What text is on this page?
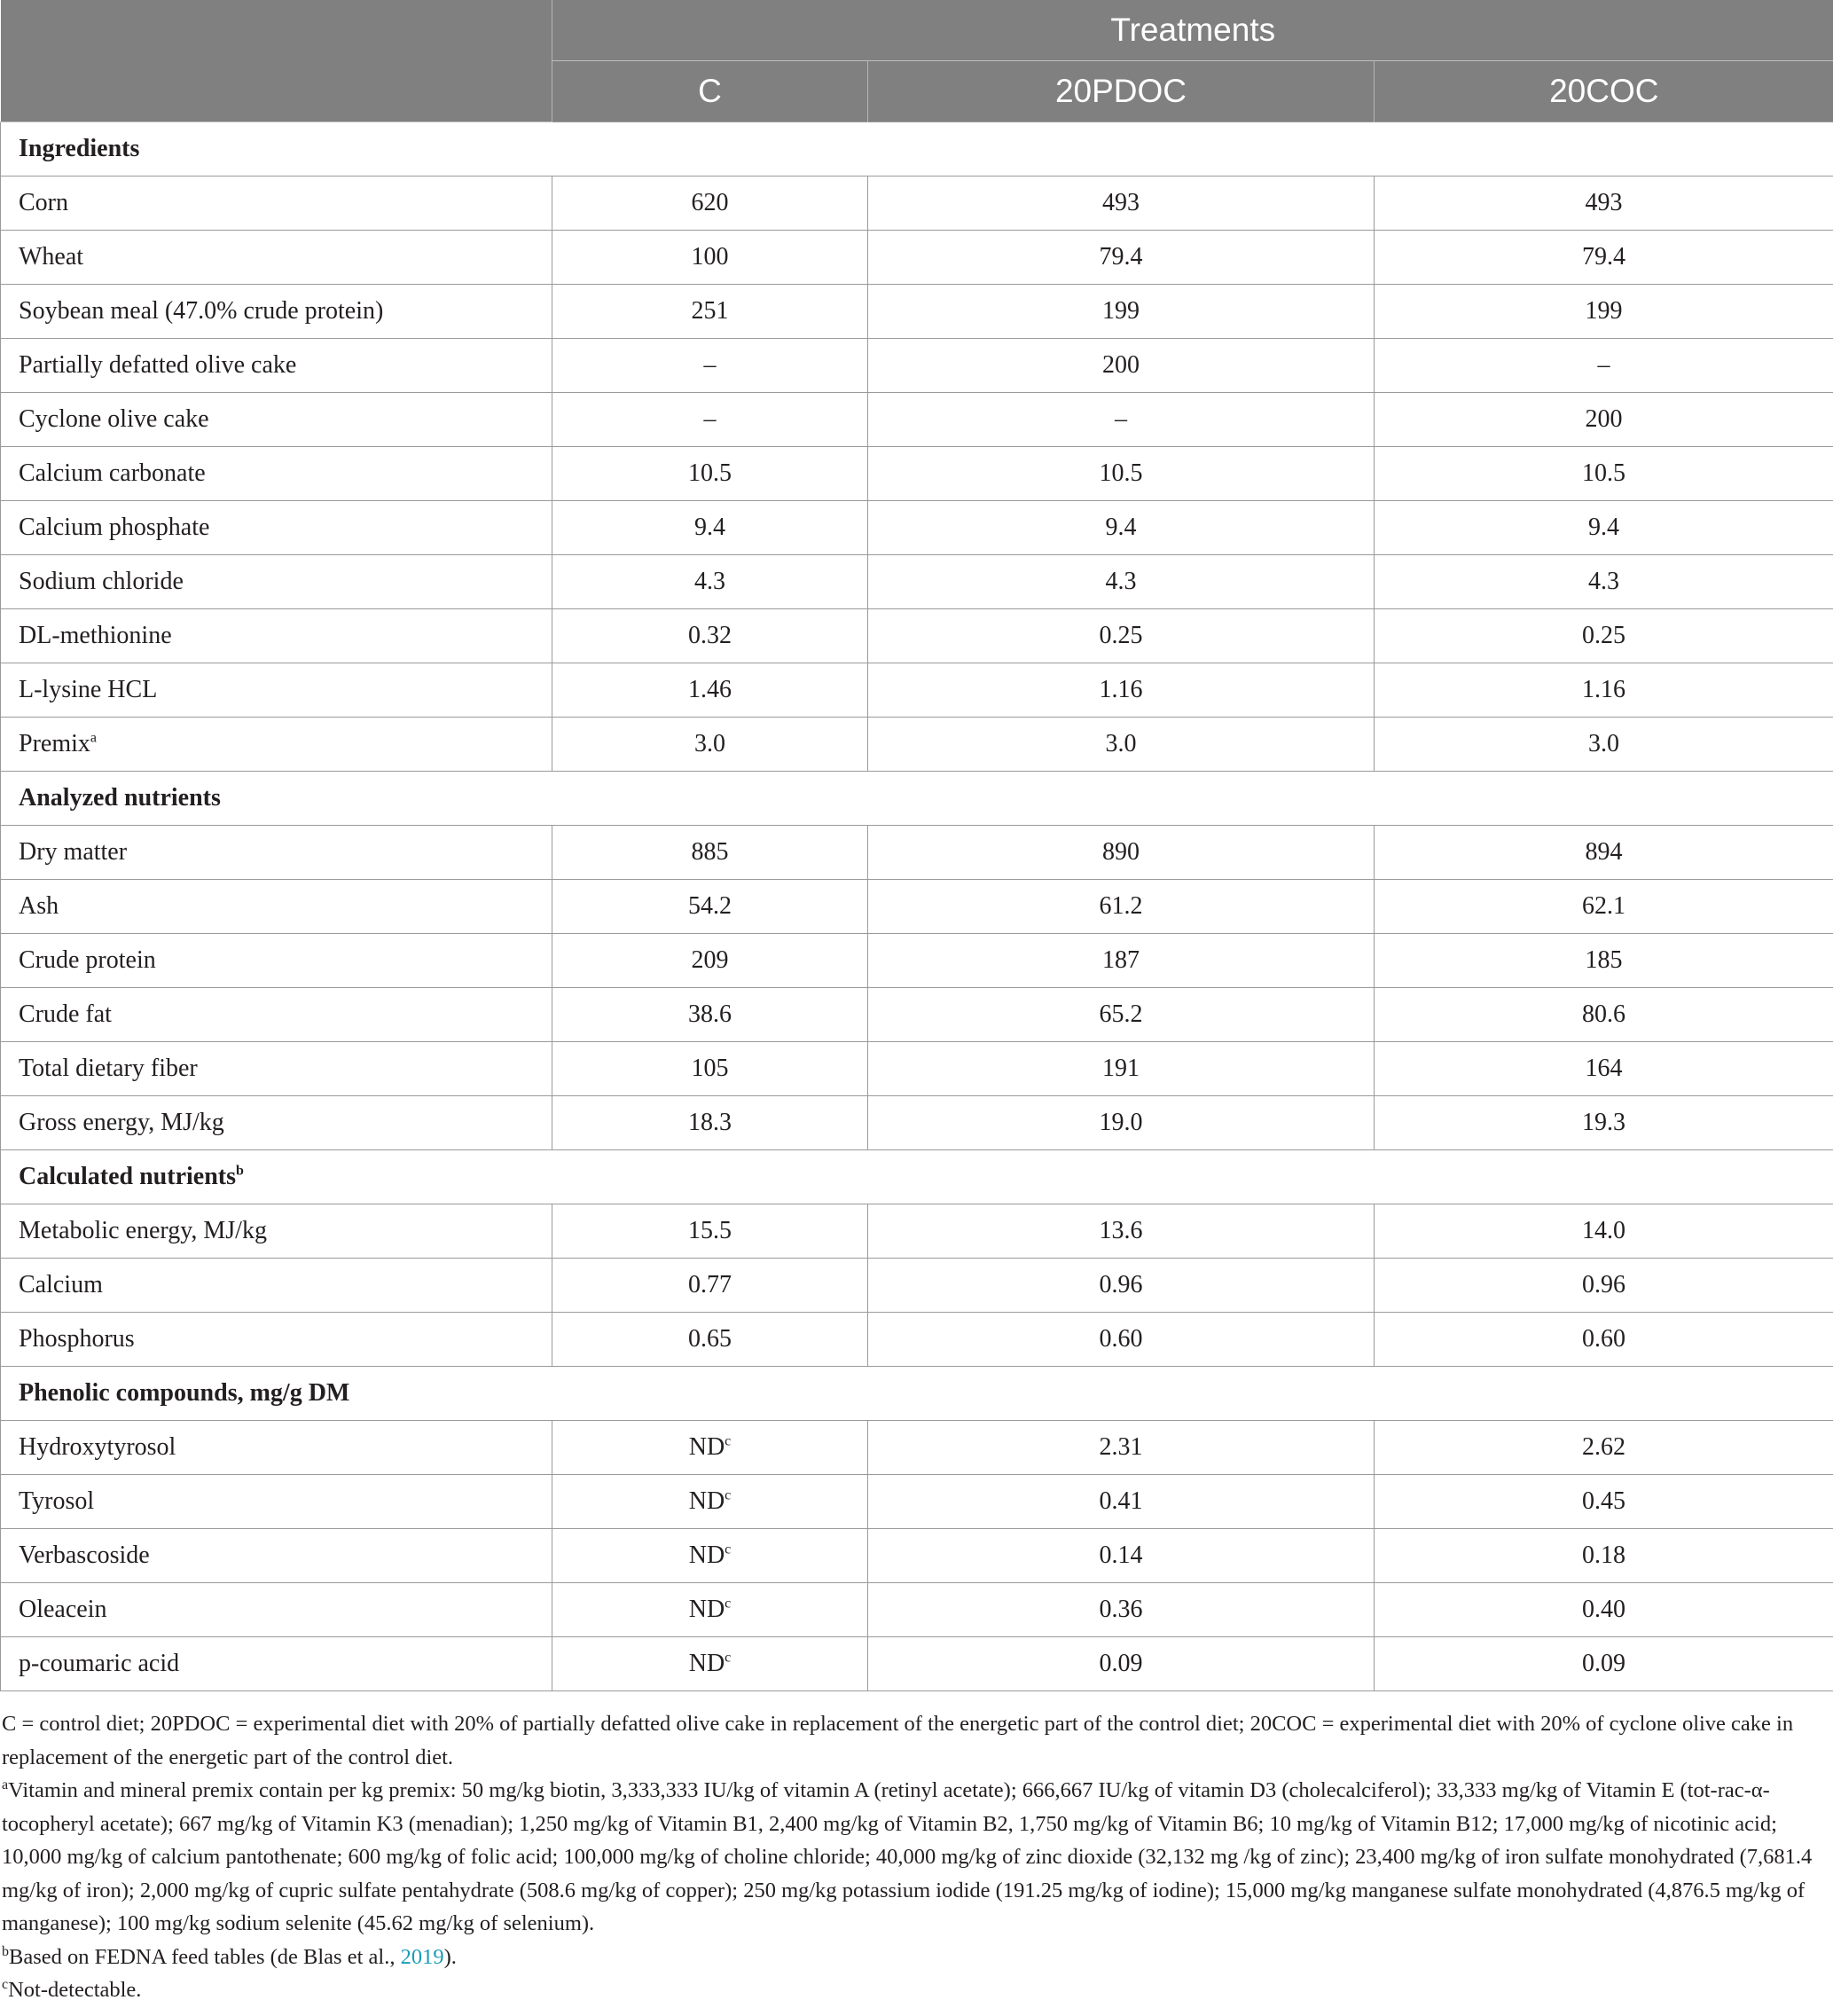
	Treatments		
	C	20PDOC	20COC
Ingredients			
Corn	620	493	493
Wheat	100	79.4	79.4
Soybean meal (47.0% crude protein)	251	199	199
Partially defatted olive cake	–	200	–
Cyclone olive cake	–	–	200
Calcium carbonate	10.5	10.5	10.5
Calcium phosphate	9.4	9.4	9.4
Sodium chloride	4.3	4.3	4.3
DL-methionine	0.32	0.25	0.25
L-lysine HCL	1.46	1.16	1.16
Premix$^a$	3.0	3.0	3.0
Analyzed nutrients			
Dry matter	885	890	894
Ash	54.2	61.2	62.1
Crude protein	209	187	185
Crude fat	38.6	65.2	80.6
Total dietary fiber	105	191	164
Gross energy, MJ/kg	18.3	19.0	19.3
Calculated nutrients$^b$
Metabolic energy, MJ/kg	15.5	13.6	14.0
Calcium	0.77	0.96	0.96
Phosphorus	0.65	0.60	0.60
Phenolic compounds, mg/g DM			
Hydroxytyrosol	$ND^c$	2.31	2.62
Tyrosol	$ND^c$	0.41	0.45
Verbascoside	$ND^c$	0.14	0.18
Oleacein	$ND^c$	0.36	0.40
p-coumaric acid	$ND^c$	0.09	0.09

C = control diet; 20PDOC = experimental diet with 20% of partially defatted olive cake in replacement of the energetic part of the control diet; 20COC = experimental diet with 20% of cyclone olive cake in replacement of the energetic part of the control diet.

$^a$Vitamin and mineral premix contain per kg premix: 50 mg/kg biotin, 3,333,333 IU/kg of vitamin A (retinyl acetate); 666,667 IU/kg of vitamin D3 (cholecalciferol); 33,333 mg/kg of Vitamin E (tot-rac-α-tocopheryl acetate); 667 mg/kg of Vitamin K3 (menadian); 1,250 mg/kg of Vitamin B1, 2,400 mg/kg of Vitamin B2, 1,750 mg/kg of Vitamin B6; 10 mg/kg of Vitamin B12; 17,000 mg/kg of nicotinic acid; 10,000 mg/kg of calcium pantothenate; 600 mg/kg of folic acid; 100,000 mg/kg of choline chloride; 40,000 mg/kg of zinc dioxide (32,132 mg /kg of zinc); 23,400 mg/kg of iron sulfate monohydrated (7,681.4 mg/kg of iron); 2,000 mg/kg of cupric sulfate pentahydrate (508.6 mg/kg of copper); 250 mg/kg potassium iodide (191.25 mg/kg of iodine); 15,000 mg/kg manganese sulfate monohydrated (4,876.5 mg/kg of manganese); 100 mg/kg sodium selenite (45.62 mg/kg of selenium).

$^b$Based on FEDNA feed tables (de Blas et al., 2019).

$^c$Not-detectable.
